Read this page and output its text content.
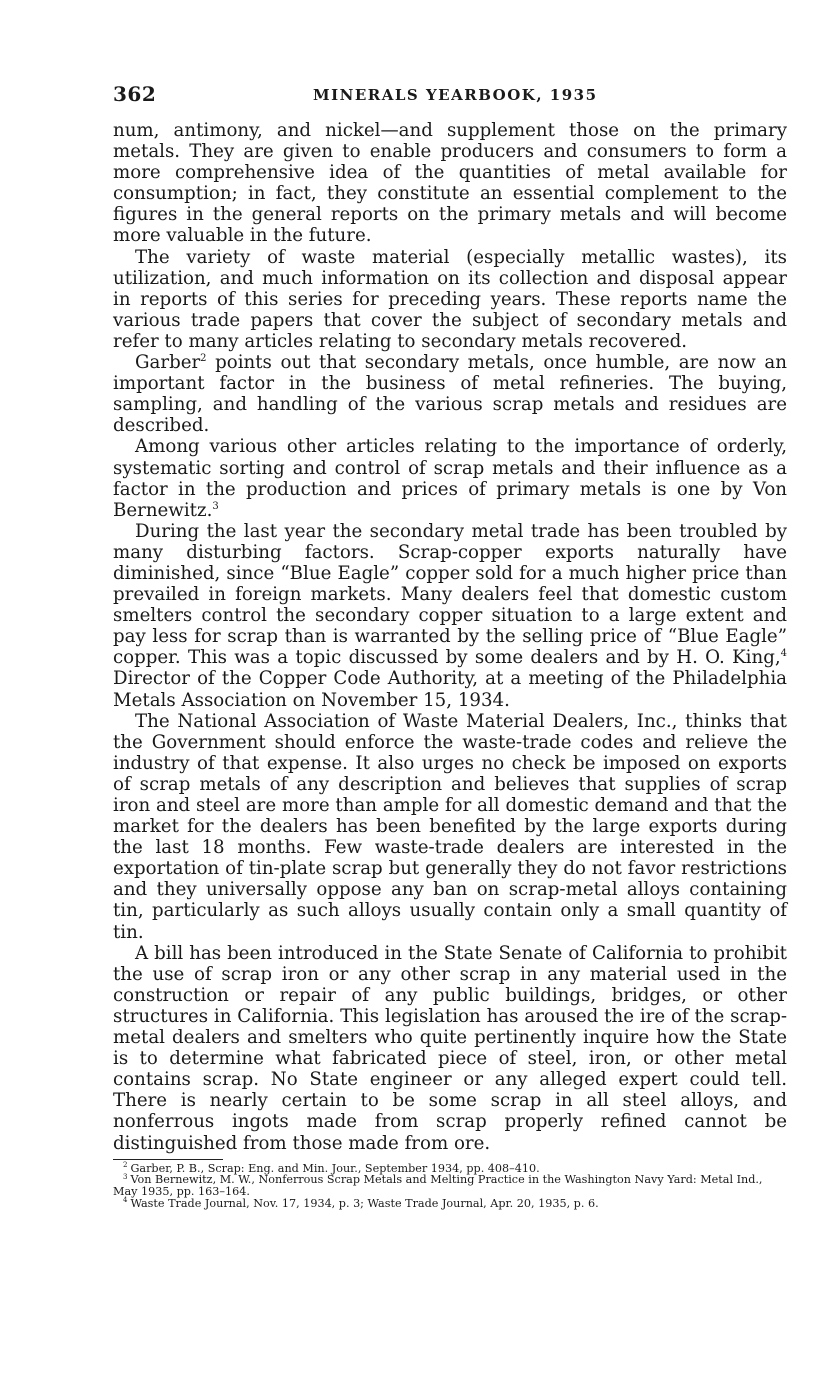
362	MINERALS YEARBOOK, 1935

num, antimony, and nickel—and supplement those on the primary metals. They are given to enable producers and consumers to form a more comprehensive idea of the quantities of metal available for consumption; in fact, they constitute an essential complement to the figures in the general reports on the primary metals and will become more valuable in the future.

The variety of waste material (especially metallic wastes), its utilization, and much information on its collection and disposal appear in reports of this series for preceding years. These reports name the various trade papers that cover the subject of secondary metals and refer to many articles relating to secondary metals recovered.

Garber$^2$ points out that secondary metals, once humble, are now an important factor in the business of metal refineries. The buying, sampling, and handling of the various scrap metals and residues are described.

Among various other articles relating to the importance of orderly, systematic sorting and control of scrap metals and their influence as a factor in the production and prices of primary metals is one by Von Bernewitz.$^3$

During the last year the secondary metal trade has been troubled by many disturbing factors. Scrap-copper exports naturally have diminished, since “Blue Eagle” copper sold for a much higher price than prevailed in foreign markets. Many dealers feel that domestic custom smelters control the secondary copper situation to a large extent and pay less for scrap than is warranted by the selling price of “Blue Eagle” copper. This was a topic discussed by some dealers and by H. O. King,$^4$ Director of the Copper Code Authority, at a meeting of the Philadelphia Metals Association on November 15, 1934.

The National Association of Waste Material Dealers, Inc., thinks that the Government should enforce the waste-trade codes and relieve the industry of that expense. It also urges no check be imposed on exports of scrap metals of any description and believes that supplies of scrap iron and steel are more than ample for all domestic demand and that the market for the dealers has been benefited by the large exports during the last 18 months. Few waste-trade dealers are interested in the exportation of tin-plate scrap but generally they do not favor restrictions and they universally oppose any ban on scrap-metal alloys containing tin, particularly as such alloys usually contain only a small quantity of tin.

A bill has been introduced in the State Senate of California to prohibit the use of scrap iron or any other scrap in any material used in the construction or repair of any public buildings, bridges, or other structures in California. This legislation has aroused the ire of the scrap-metal dealers and smelters who quite pertinently inquire how the State is to determine what fabricated piece of steel, iron, or other metal contains scrap. No State engineer or any alleged expert could tell. There is nearly certain to be some scrap in all steel alloys, and nonferrous ingots made from scrap properly refined cannot be distinguished from those made from ore.

$^2$ Garber, P. B., Scrap: Eng. and Min. Jour., September 1934, pp. 408–410.

$^3$ Von Bernewitz, M. W., Nonferrous Scrap Metals and Melting Practice in the Washington Navy Yard: Metal Ind., May 1935, pp. 163–164.

$^4$ Waste Trade Journal, Nov. 17, 1934, p. 3; Waste Trade Journal, Apr. 20, 1935, p. 6.
